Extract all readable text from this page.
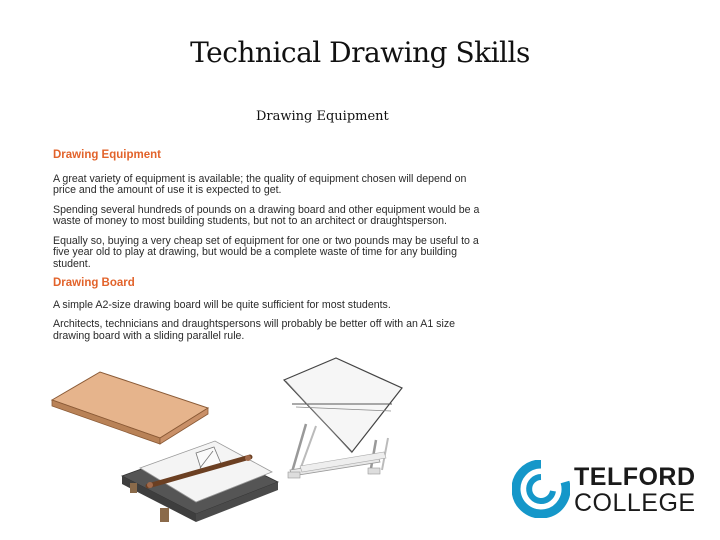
Technical Drawing Skills
Drawing Equipment
Drawing Equipment
A great variety of equipment is available; the quality of equipment chosen will depend on price and the amount of use it is expected to get.
Spending several hundreds of pounds on a drawing board and other equipment would be a waste of money to most building students, but not to an architect or draughtsperson.
Equally so, buying a very cheap set of equipment for one or two pounds may be useful to a five year old to play at drawing, but would be a complete waste of time for any building student.
Drawing Board
A simple A2-size drawing board will be quite sufficient for most students.
Architects, technicians and draughtspersons will probably be better off with an A1 size drawing board with a sliding parallel rule.
TELFORD
COLLEGE
